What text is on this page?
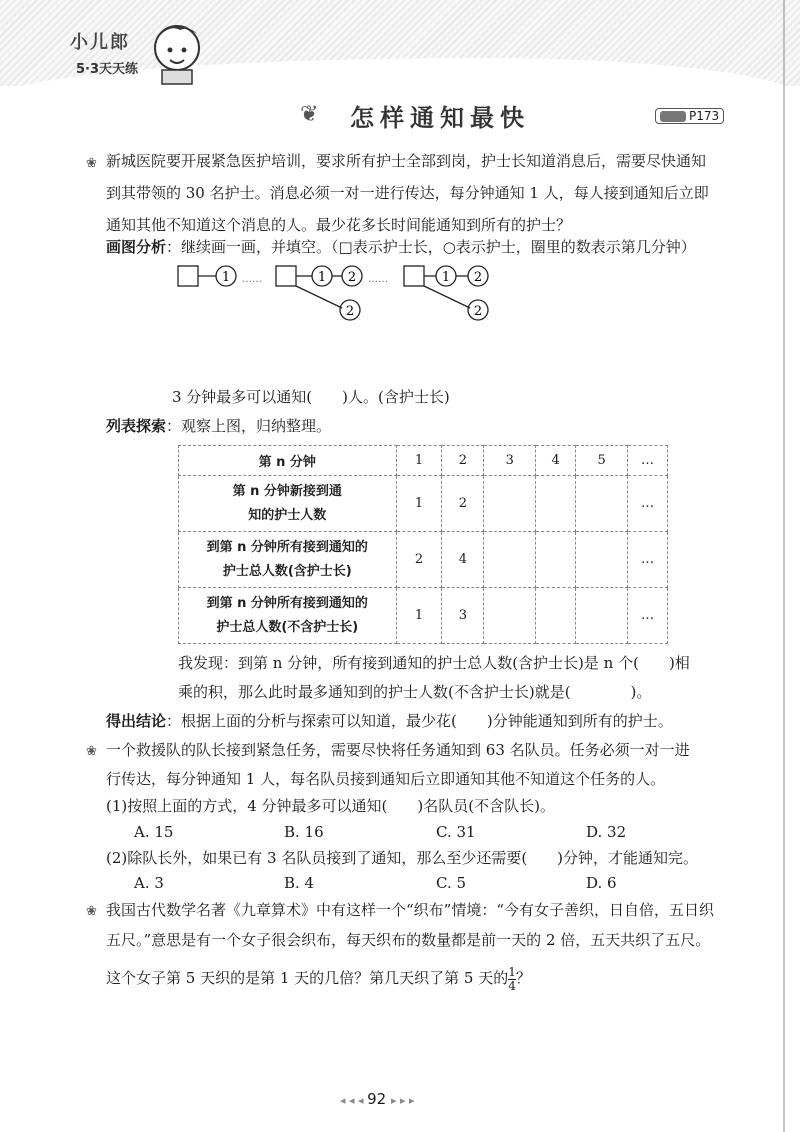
小儿郎
5·3天天练
❦ 怎样通知最快	P173
❀ 新城医院要开展紧急医护培训，要求所有护士全部到岗，护士长知道消息后，需要尽快通知
到其带领的 30 名护士。消息必须一对一进行传达，每分钟通知 1 人，每人接到通知后立即
通知其他不知道这个消息的人。最少花多长时间能通知到所有的护士？
画图分析：继续画一画，并填空。（□表示护士长，○表示护士，圈里的数表示第几分钟）
1 ……	1 2
2
……	1 2
2
3 分钟最多可以通知(　　)人。(含护士长)
列表探索：观察上图，归纳整理。
第 n 分钟	1	2	3	4	5	…

第 n 分钟新接到通
知的护士人数	1	2				…

到第 n 分钟所有接到通知的
护士总人数(含护士长)	2	4				…

到第 n 分钟所有接到通知的
护士总人数(不含护士长)	1	3				…
我发现：到第 n 分钟，所有接到通知的护士总人数(含护士长)是 n 个(　　)相
乘的积，那么此时最多通知到的护士人数(不含护士长)就是(　　　　)。
得出结论：根据上面的分析与探索可以知道，最少花(　　)分钟能通知到所有的护士。
❀ 一个救援队的队长接到紧急任务，需要尽快将任务通知到 63 名队员。任务必须一对一进
行传达，每分钟通知 1 人，每名队员接到通知后立即通知其他不知道这个任务的人。
(1)按照上面的方式，4 分钟最多可以通知(　　)名队员(不含队长)。
A. 15	B. 16	C. 31	D. 32
(2)除队长外，如果已有 3 名队员接到了通知，那么至少还需要(　　)分钟，才能通知完。
A. 3	B. 4	C. 5	D. 6
❀ 我国古代数学名著《九章算术》中有这样一个“织布”情境：“今有女子善织，日自倍，五日织
五尺。”意思是有一个女子很会织布，每天织布的数量都是前一天的 2 倍，五天共织了五尺。
这个女子第 5 天织的是第 1 天的几倍？第几天织了第 5 天的 $\frac{1}{4}$ ？
◂ ◂ ◂ 92 ▸ ▸ ▸
